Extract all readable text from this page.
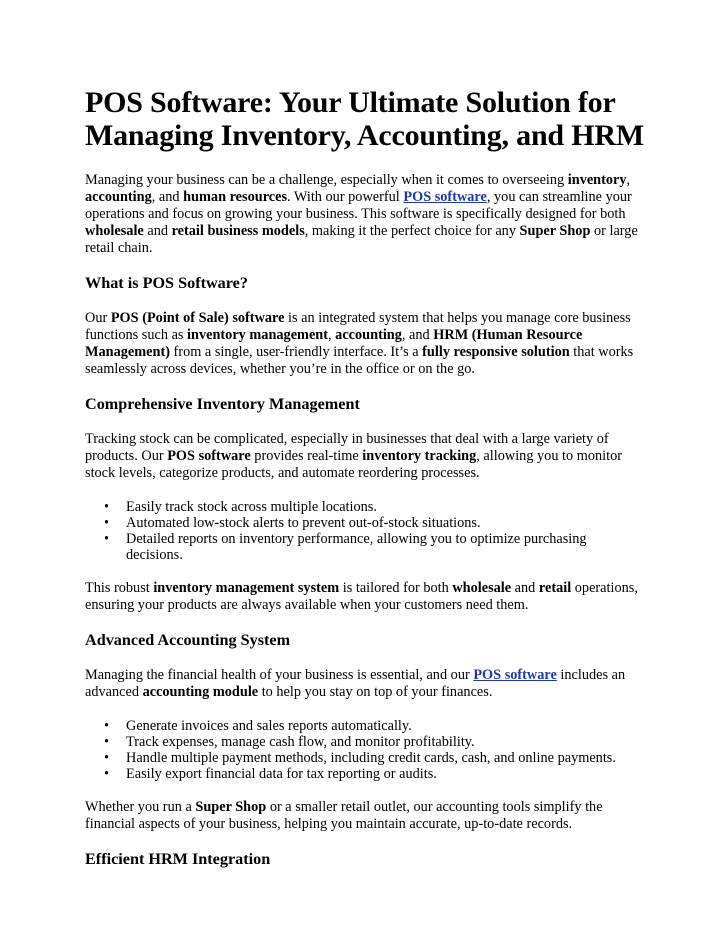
POS Software: Your Ultimate Solution for Managing Inventory, Accounting, and HRM

Managing your business can be a challenge, especially when it comes to overseeing inventory, accounting, and human resources. With our powerful POS software, you can streamline your operations and focus on growing your business. This software is specifically designed for both wholesale and retail business models, making it the perfect choice for any Super Shop or large retail chain.

What is POS Software?

Our POS (Point of Sale) software is an integrated system that helps you manage core business functions such as inventory management, accounting, and HRM (Human Resource Management) from a single, user-friendly interface. It’s a fully responsive solution that works seamlessly across devices, whether you’re in the office or on the go.

Comprehensive Inventory Management

Tracking stock can be complicated, especially in businesses that deal with a large variety of products. Our POS software provides real-time inventory tracking, allowing you to monitor stock levels, categorize products, and automate reordering processes.

• Easily track stock across multiple locations.
• Automated low-stock alerts to prevent out-of-stock situations.
• Detailed reports on inventory performance, allowing you to optimize purchasing decisions.

This robust inventory management system is tailored for both wholesale and retail operations, ensuring your products are always available when your customers need them.

Advanced Accounting System

Managing the financial health of your business is essential, and our POS software includes an advanced accounting module to help you stay on top of your finances.

• Generate invoices and sales reports automatically.
• Track expenses, manage cash flow, and monitor profitability.
• Handle multiple payment methods, including credit cards, cash, and online payments.
• Easily export financial data for tax reporting or audits.

Whether you run a Super Shop or a smaller retail outlet, our accounting tools simplify the financial aspects of your business, helping you maintain accurate, up-to-date records.

Efficient HRM Integration
